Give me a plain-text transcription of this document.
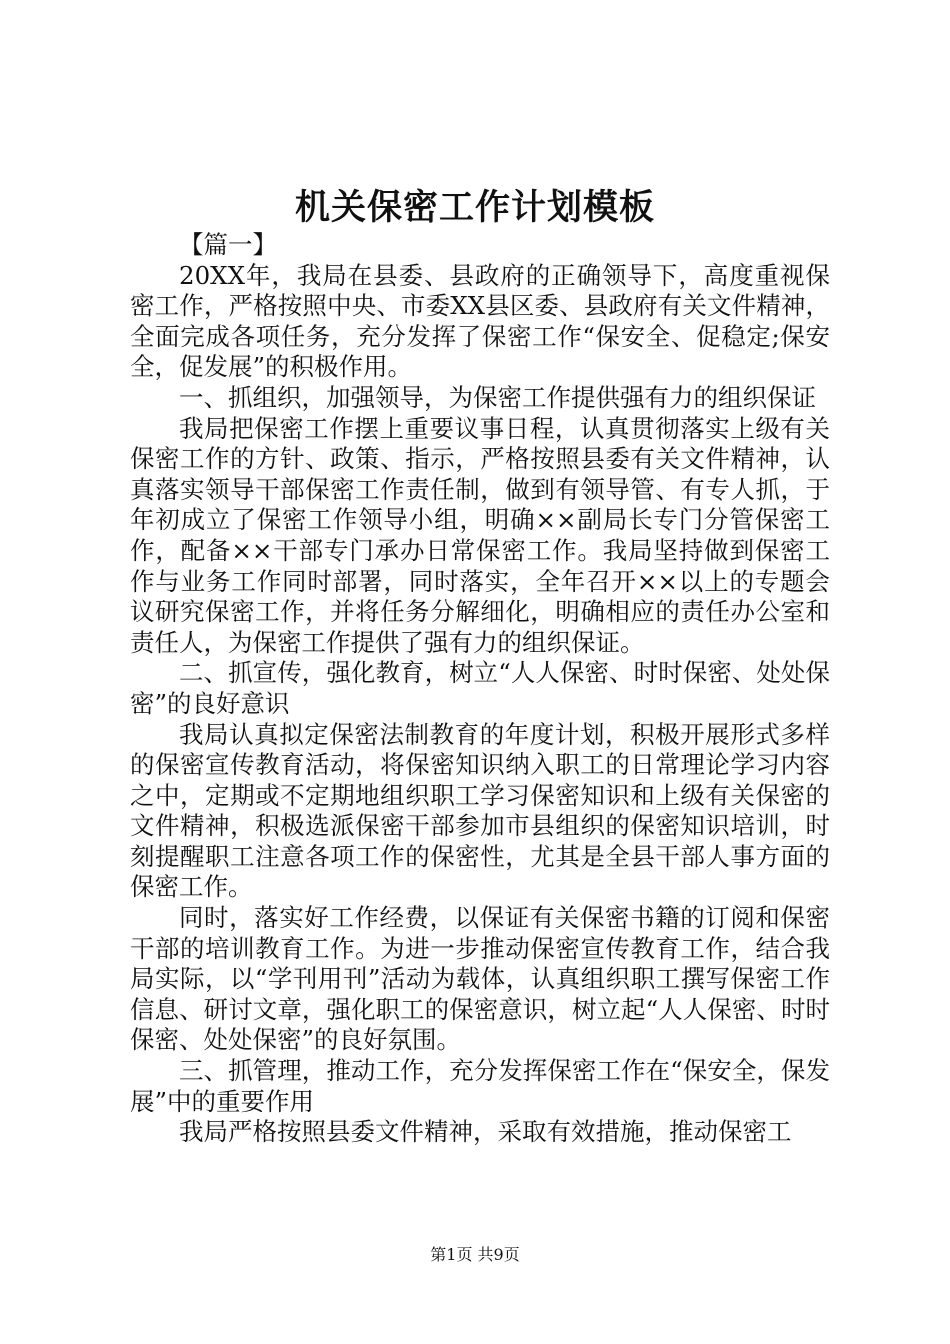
机关保密工作计划模板

【篇一】

20XX年，我局在县委、县政府的正确领导下，高度重视保密工作，严格按照中央、市委XX县区委、县政府有关文件精神，全面完成各项任务，充分发挥了保密工作“保安全、促稳定;保安全，促发展”的积极作用。

一、抓组织，加强领导，为保密工作提供强有力的组织保证

我局把保密工作摆上重要议事日程，认真贯彻落实上级有关保密工作的方针、政策、指示，严格按照县委有关文件精神，认真落实领导干部保密工作责任制，做到有领导管、有专人抓，于年初成立了保密工作领导小组，明确××副局长专门分管保密工作，配备××干部专门承办日常保密工作。我局坚持做到保密工作与业务工作同时部署，同时落实，全年召开××以上的专题会议研究保密工作，并将任务分解细化，明确相应的责任办公室和责任人，为保密工作提供了强有力的组织保证。

二、抓宣传，强化教育，树立“人人保密、时时保密、处处保密”的良好意识

我局认真拟定保密法制教育的年度计划，积极开展形式多样的保密宣传教育活动，将保密知识纳入职工的日常理论学习内容之中，定期或不定期地组织职工学习保密知识和上级有关保密的文件精神，积极选派保密干部参加市县组织的保密知识培训，时刻提醒职工注意各项工作的保密性，尤其是全县干部人事方面的保密工作。

同时，落实好工作经费，以保证有关保密书籍的订阅和保密干部的培训教育工作。为进一步推动保密宣传教育工作，结合我局实际，以“学刊用刊”活动为载体，认真组织职工撰写保密工作信息、研讨文章，强化职工的保密意识，树立起“人人保密、时时保密、处处保密”的良好氛围。

三、抓管理，推动工作，充分发挥保密工作在“保安全，保发展”中的重要作用

我局严格按照县委文件精神，采取有效措施，推动保密工

第1页 共9页
